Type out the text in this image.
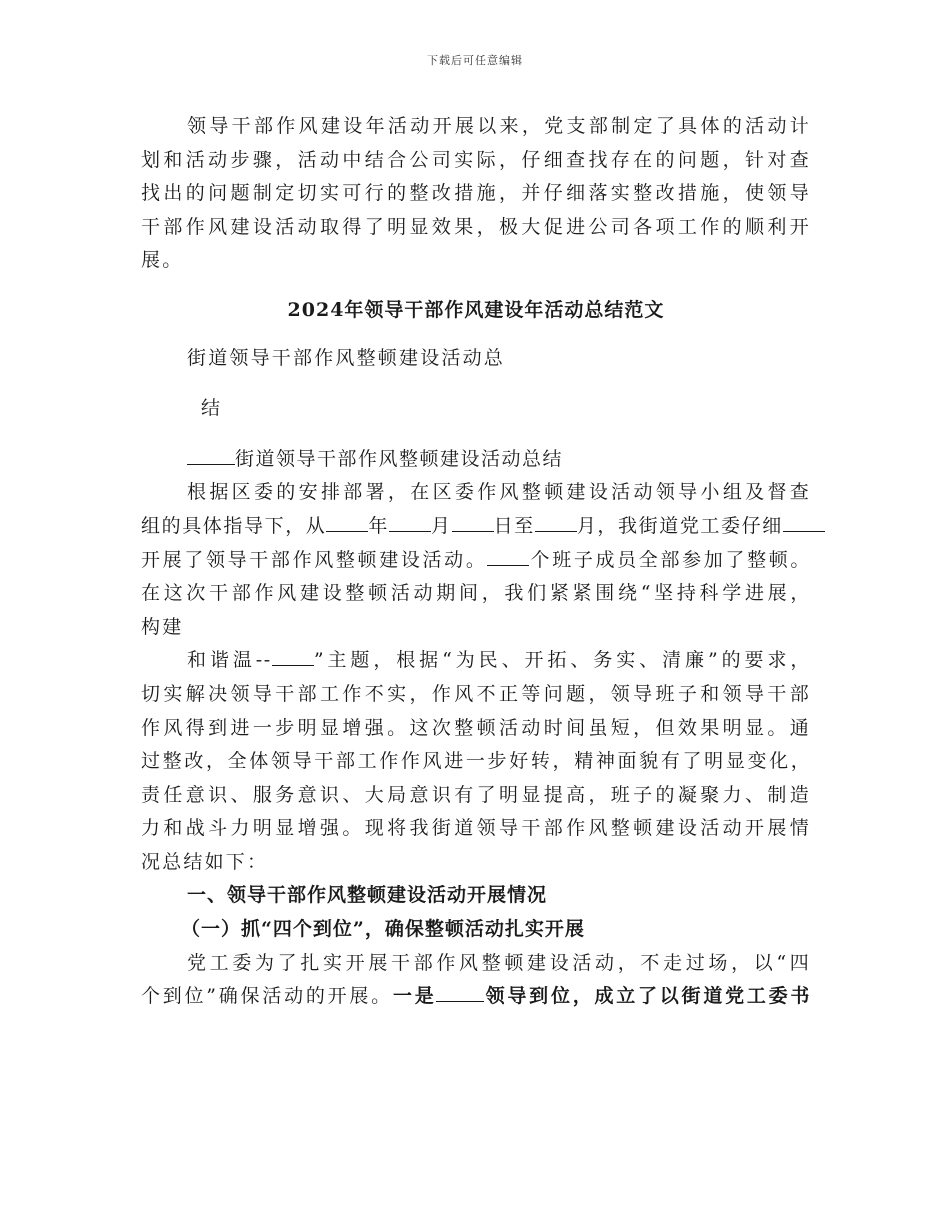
下载后可任意编辑
领导干部作风建设年活动开展以来，党支部制定了具体的活动计
划和活动步骤，活动中结合公司实际，仔细查找存在的问题，针对查
找出的问题制定切实可行的整改措施，并仔细落实整改措施，使领导
干部作风建设活动取得了明显效果，极大促进公司各项工作的顺利开
展。
2024年领导干部作风建设年活动总结范文
街道领导干部作风整顿建设活动总
结
街道领导干部作风整顿建设活动总结
根据区委的安排部署，在区委作风整顿建设活动领导小组及督查
组的具体指导下，从 年 月 日至 月，我街道党工委仔细
开展了领导干部作风整顿建设活动。 个班子成员全部参加了整顿。
在这次干部作风建设整顿活动期间，我们紧紧围绕“坚持科学进展，
构建
和谐温-- ”主题，根据“为民、开拓、务实、清廉”的要求，
切实解决领导干部工作不实，作风不正等问题，领导班子和领导干部
作风得到进一步明显增强。这次整顿活动时间虽短，但效果明显。通
过整改，全体领导干部工作作风进一步好转，精神面貌有了明显变化，
责任意识、服务意识、大局意识有了明显提高，班子的凝聚力、制造
力和战斗力明显增强。现将我街道领导干部作风整顿建设活动开展情
况总结如下：
一、领导干部作风整顿建设活动开展情况
（一）抓“四个到位”，确保整顿活动扎实开展
党工委为了扎实开展干部作风整顿建设活动，不走过场，以“四
个到位”确保活动的开展。一是	领导到位，成立了以街道党工委书
